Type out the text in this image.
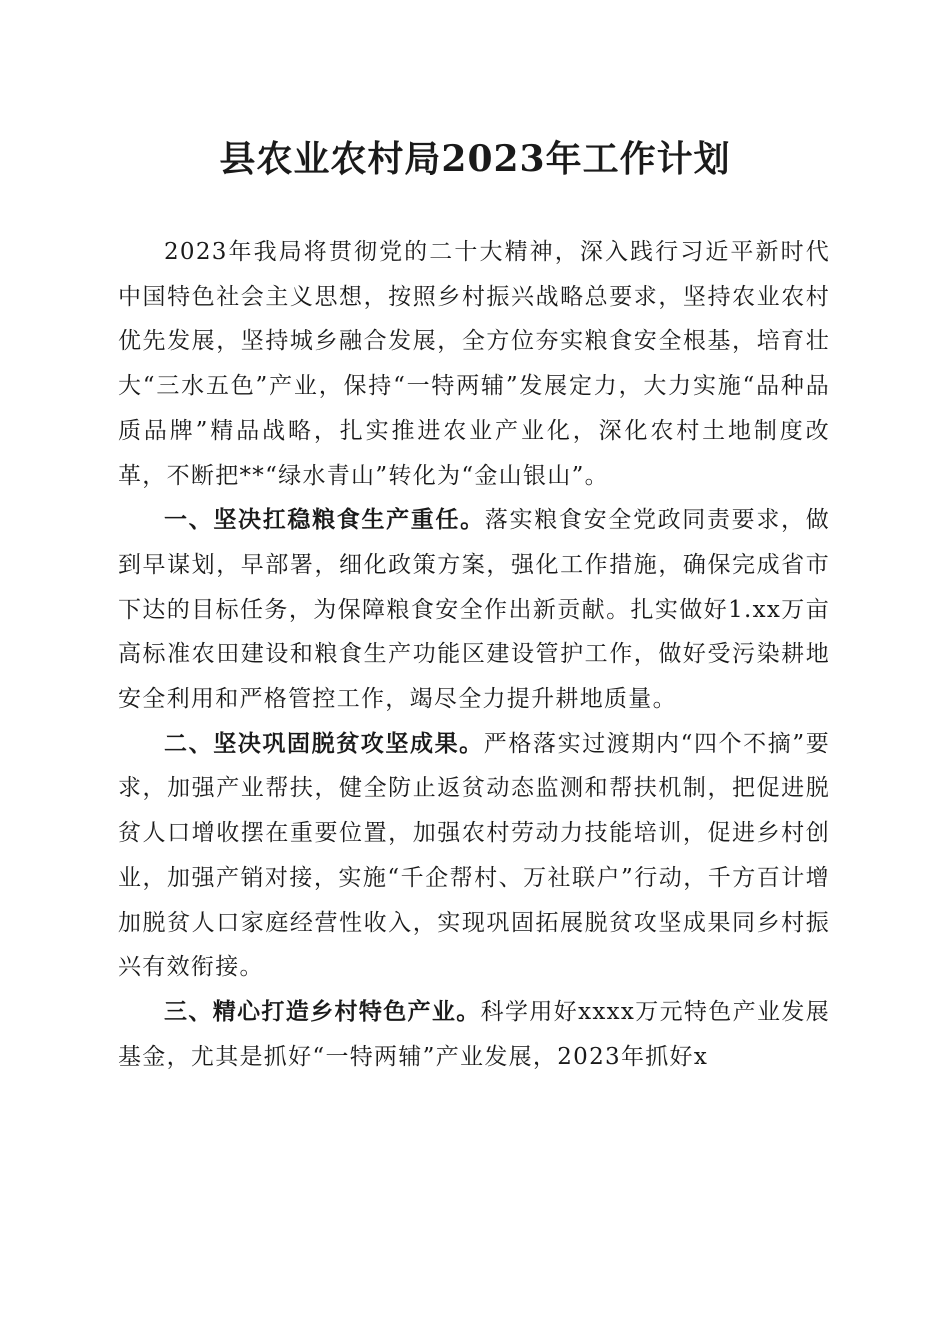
县农业农村局2023年工作计划

2023年我局将贯彻党的二十大精神，深入践行习近平新时代中国特色社会主义思想，按照乡村振兴战略总要求，坚持农业农村优先发展，坚持城乡融合发展，全方位夯实粮食安全根基，培育壮大“三水五色”产业，保持“一特两辅”发展定力，大力实施“品种品质品牌”精品战略，扎实推进农业产业化，深化农村土地制度改革，不断把**“绿水青山”转化为“金山银山”。

一、坚决扛稳粮食生产重任。落实粮食安全党政同责要求，做到早谋划，早部署，细化政策方案，强化工作措施，确保完成省市下达的目标任务，为保障粮食安全作出新贡献。扎实做好1.xx万亩高标准农田建设和粮食生产功能区建设管护工作，做好受污染耕地安全利用和严格管控工作，竭尽全力提升耕地质量。

二、坚决巩固脱贫攻坚成果。严格落实过渡期内“四个不摘”要求，加强产业帮扶，健全防止返贫动态监测和帮扶机制，把促进脱贫人口增收摆在重要位置，加强农村劳动力技能培训，促进乡村创业，加强产销对接，实施“千企帮村、万社联户”行动，千方百计增加脱贫人口家庭经营性收入，实现巩固拓展脱贫攻坚成果同乡村振兴有效衔接。

三、精心打造乡村特色产业。科学用好xxxx万元特色产业发展基金，尤其是抓好“一特两辅”产业发展，2023年抓好x
